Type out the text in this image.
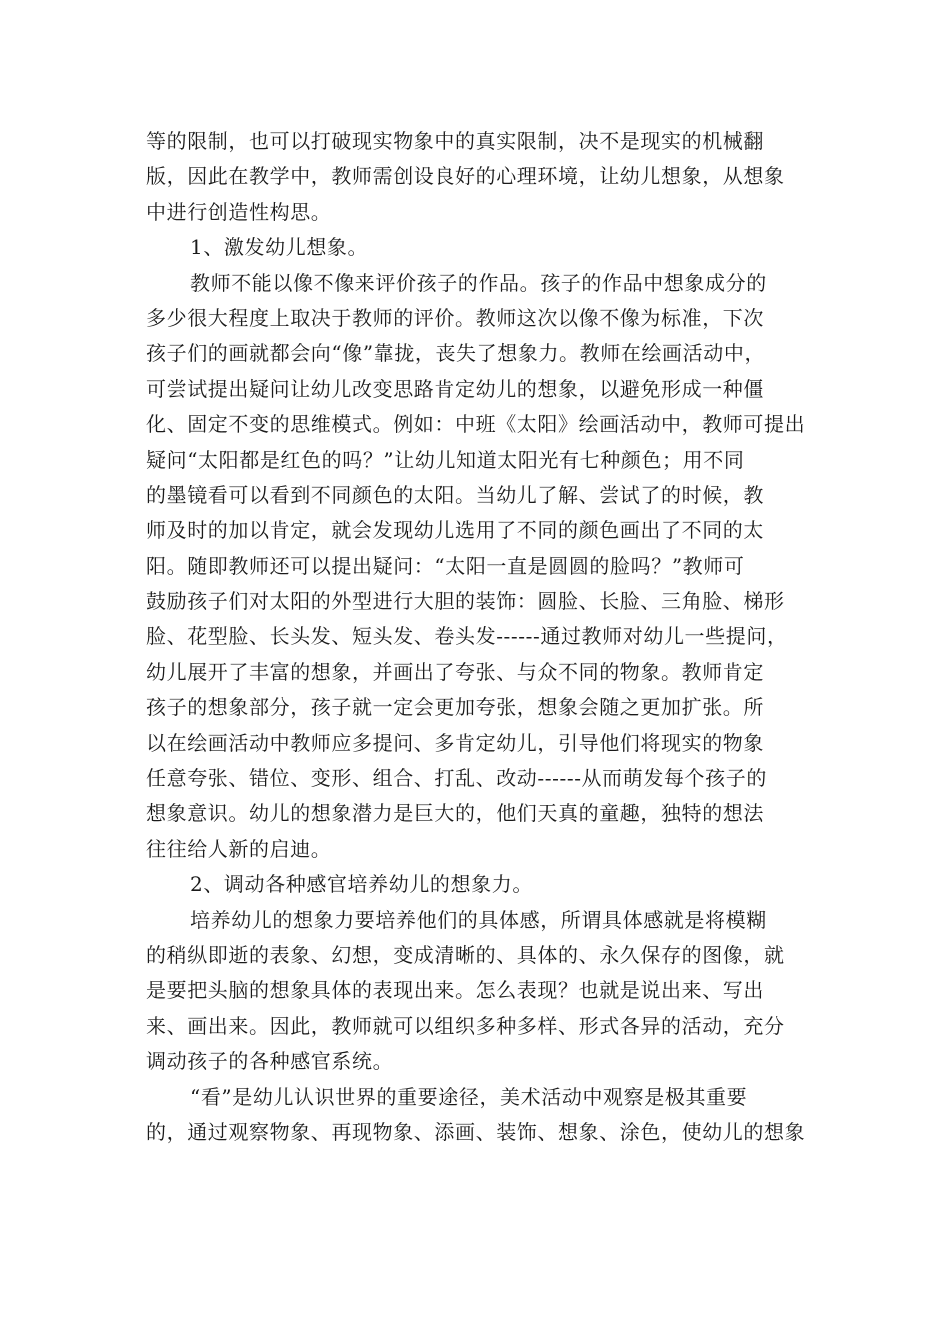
等的限制，也可以打破现实物象中的真实限制，决不是现实的机械翻
版，因此在教学中，教师需创设良好的心理环境，让幼儿想象，从想象
中进行创造性构思。
1、激发幼儿想象。
教师不能以像不像来评价孩子的作品。孩子的作品中想象成分的
多少很大程度上取决于教师的评价。教师这次以像不像为标准，下次
孩子们的画就都会向“像”靠拢，丧失了想象力。教师在绘画活动中，
可尝试提出疑问让幼儿改变思路肯定幼儿的想象，以避免形成一种僵
化、固定不变的思维模式。例如：中班《太阳》绘画活动中，教师可提出
疑问“太阳都是红色的吗？”让幼儿知道太阳光有七种颜色；用不同
的墨镜看可以看到不同颜色的太阳。当幼儿了解、尝试了的时候，教
师及时的加以肯定，就会发现幼儿选用了不同的颜色画出了不同的太
阳。随即教师还可以提出疑问：“太阳一直是圆圆的脸吗？”教师可
鼓励孩子们对太阳的外型进行大胆的装饰：圆脸、长脸、三角脸、梯形
脸、花型脸、长头发、短头发、卷头发------通过教师对幼儿一些提问，
幼儿展开了丰富的想象，并画出了夸张、与众不同的物象。教师肯定
孩子的想象部分，孩子就一定会更加夸张，想象会随之更加扩张。所
以在绘画活动中教师应多提问、多肯定幼儿，引导他们将现实的物象
任意夸张、错位、变形、组合、打乱、改动------从而萌发每个孩子的
想象意识。幼儿的想象潜力是巨大的，他们天真的童趣，独特的想法
往往给人新的启迪。
2、调动各种感官培养幼儿的想象力。
培养幼儿的想象力要培养他们的具体感，所谓具体感就是将模糊
的稍纵即逝的表象、幻想，变成清晰的、具体的、永久保存的图像，就
是要把头脑的想象具体的表现出来。怎么表现？也就是说出来、写出
来、画出来。因此，教师就可以组织多种多样、形式各异的活动，充分
调动孩子的各种感官系统。
“看”是幼儿认识世界的重要途径，美术活动中观察是极其重要
的，通过观察物象、再现物象、添画、装饰、想象、涂色，使幼儿的想象
